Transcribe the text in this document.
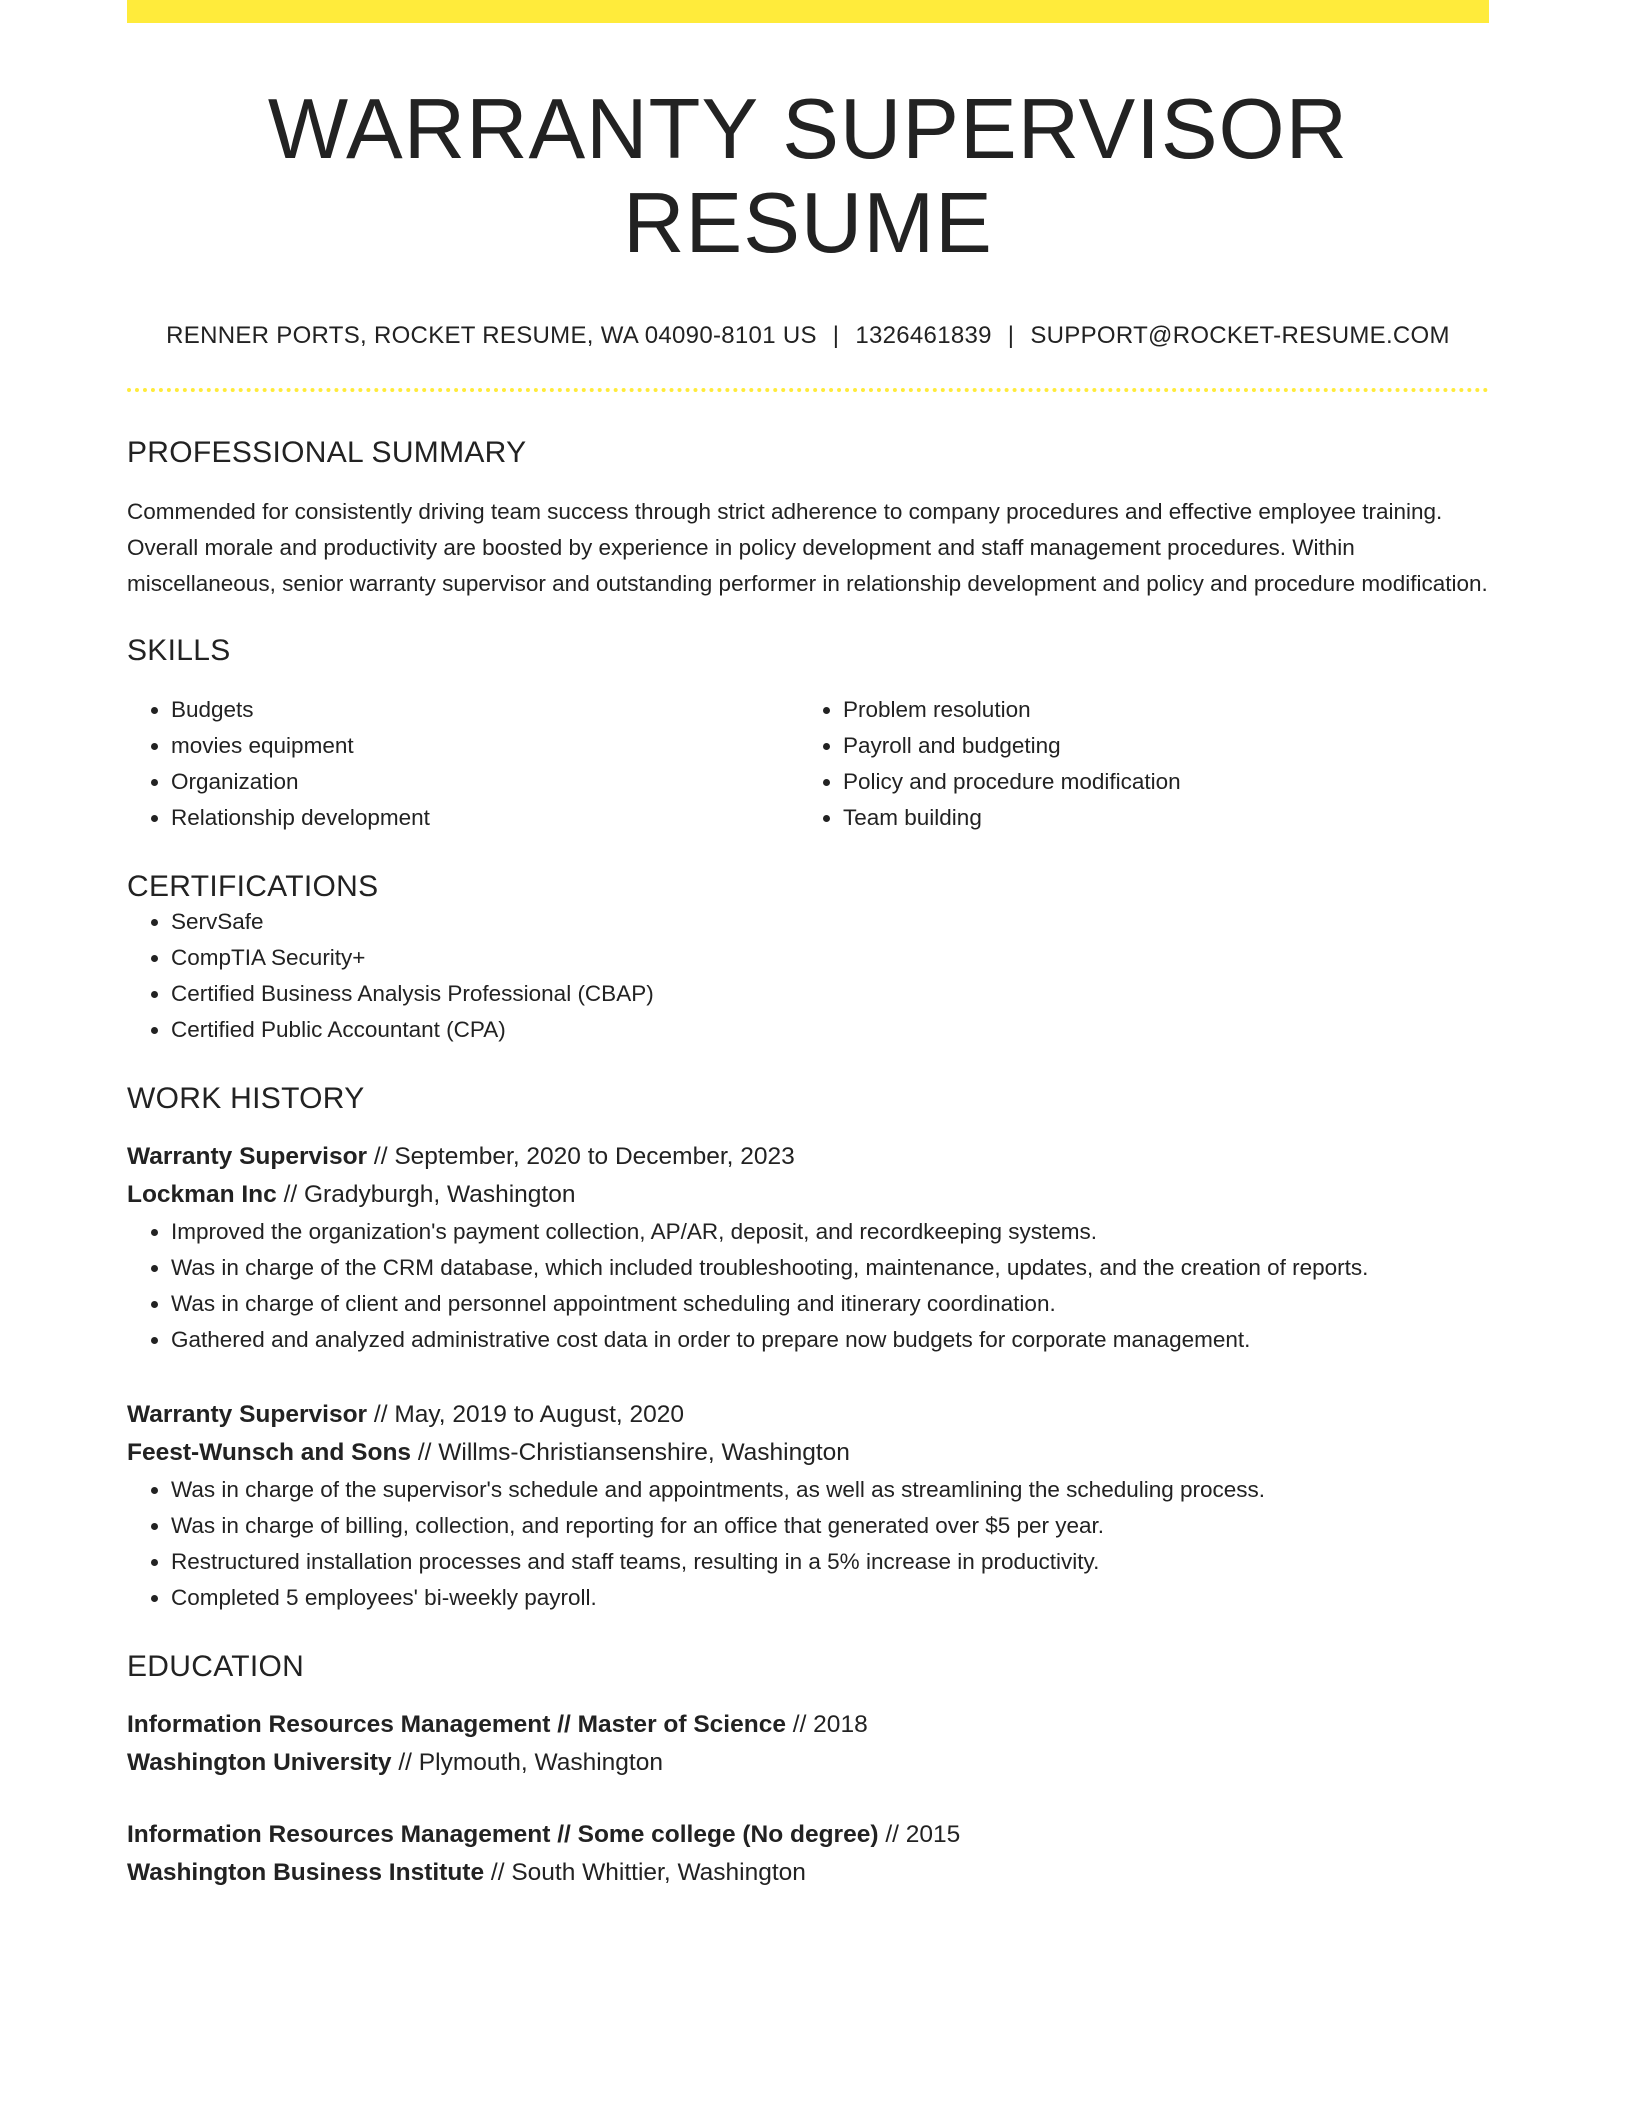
WARRANTY SUPERVISOR RESUME
RENNER PORTS, ROCKET RESUME, WA 04090-8101 US | 1326461839 | SUPPORT@ROCKET-RESUME.COM
PROFESSIONAL SUMMARY

Commended for consistently driving team success through strict adherence to company procedures and effective employee training. Overall morale and productivity are boosted by experience in policy development and staff management procedures. Within miscellaneous, senior warranty supervisor and outstanding performer in relationship development and policy and procedure modification.

SKILLS
• Budgets
• movies equipment
• Organization
• Relationship development
• Problem resolution
• Payroll and budgeting
• Policy and procedure modification
• Team building
CERTIFICATIONS
• ServSafe
• CompTIA Security+
• Certified Business Analysis Professional (CBAP)
• Certified Public Accountant (CPA)
WORK HISTORY
Warranty Supervisor // September, 2020 to December, 2023
Lockman Inc // Gradyburgh, Washington
• Improved the organization's payment collection, AP/AR, deposit, and recordkeeping systems.
• Was in charge of the CRM database, which included troubleshooting, maintenance, updates, and the creation of reports.
• Was in charge of client and personnel appointment scheduling and itinerary coordination.
• Gathered and analyzed administrative cost data in order to prepare now budgets for corporate management.
Warranty Supervisor // May, 2019 to August, 2020
Feest-Wunsch and Sons // Willms-Christiansenshire, Washington
• Was in charge of the supervisor's schedule and appointments, as well as streamlining the scheduling process.
• Was in charge of billing, collection, and reporting for an office that generated over $5 per year.
• Restructured installation processes and staff teams, resulting in a 5% increase in productivity.
• Completed 5 employees' bi-weekly payroll.
EDUCATION
Information Resources Management // Master of Science // 2018
Washington University // Plymouth, Washington
Information Resources Management // Some college (No degree) // 2015
Washington Business Institute // South Whittier, Washington
